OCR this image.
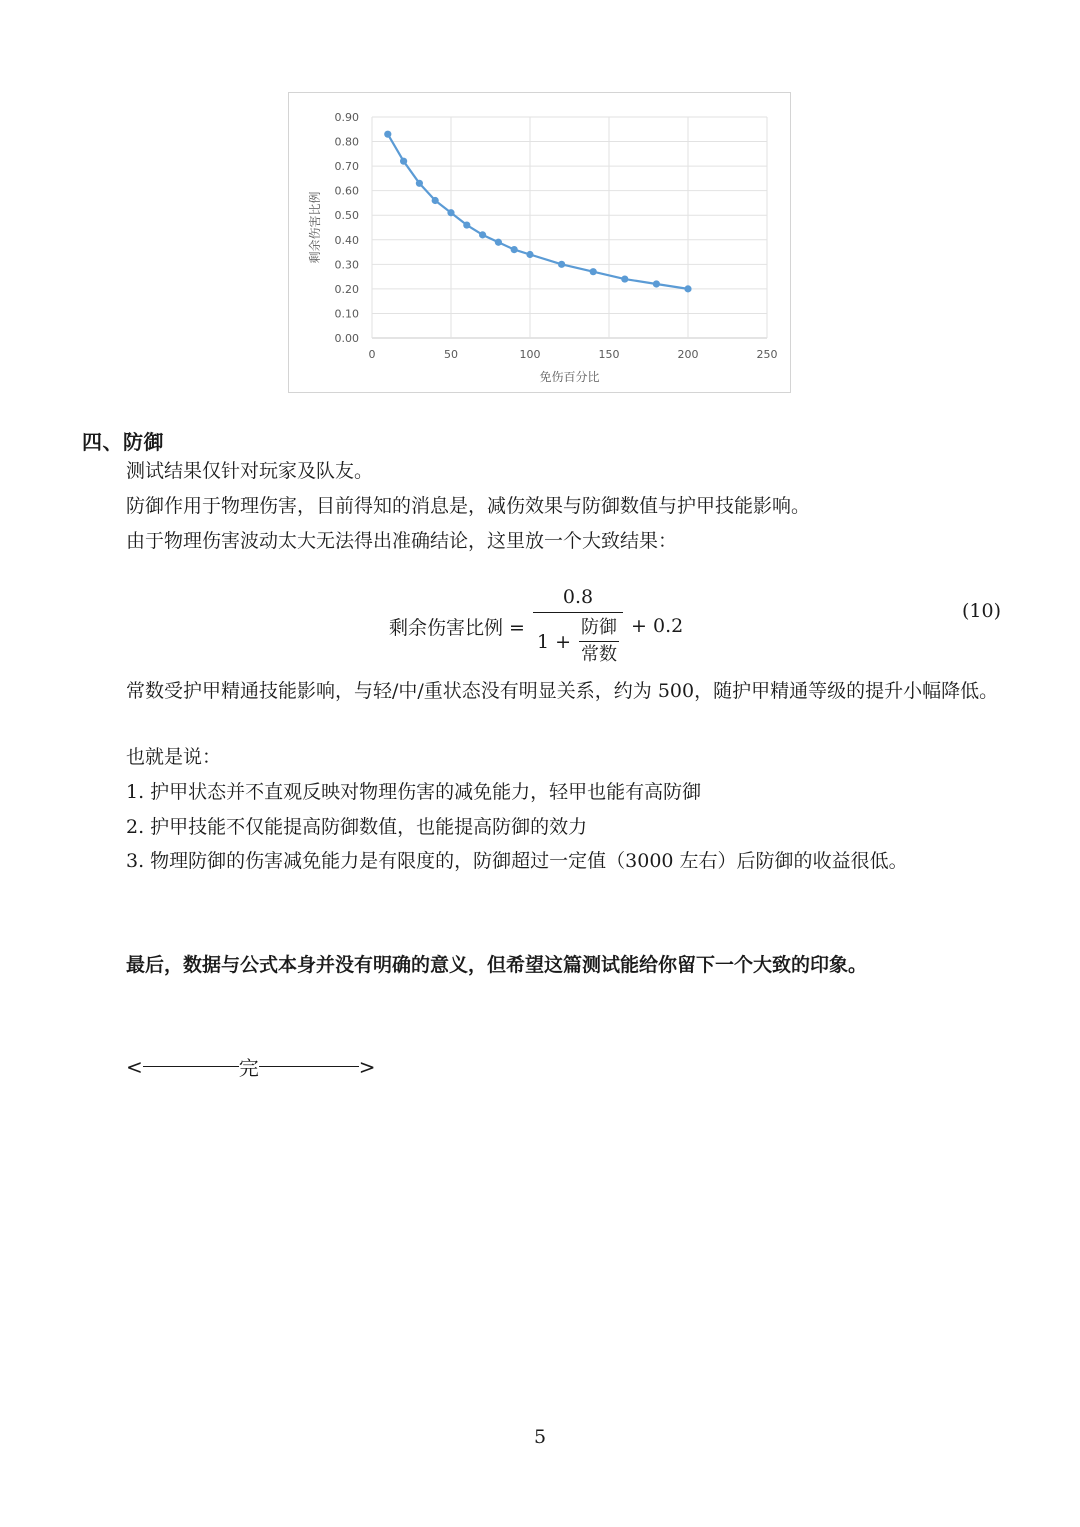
0.00
0.10
0.20
0.30
0.40
0.50
0.60
0.70
0.80
0.90
0	50	100	150	200	250
免伤百分比
剩余伤害比例
四、防御
测试结果仅针对玩家及队友。
防御作用于物理伤害，目前得知的消息是，减伤效果与防御数值与护甲技能影响。
由于物理伤害波动太大无法得出准确结论，这里放一个大致结果：
剩余伤害比例 = 0.8
1 +
防御
常数 + 0.2
(10)
常数受护甲精通技能影响，与轻/中/重状态没有明显关系，约为 500，随护甲精通等级的提升小幅降低。
也就是说：
1. 护甲状态并不直观反映对物理伤害的减免能力，轻甲也能有高防御
2. 护甲技能不仅能提高防御数值，也能提高防御的效力
3. 物理防御的伤害减免能力是有限度的，防御超过一定值（3000 左右）后防御的收益很低。
最后，数据与公式本身并没有明确的意义，但希望这篇测试能给你留下一个大致的印象。
<	完	>
5
